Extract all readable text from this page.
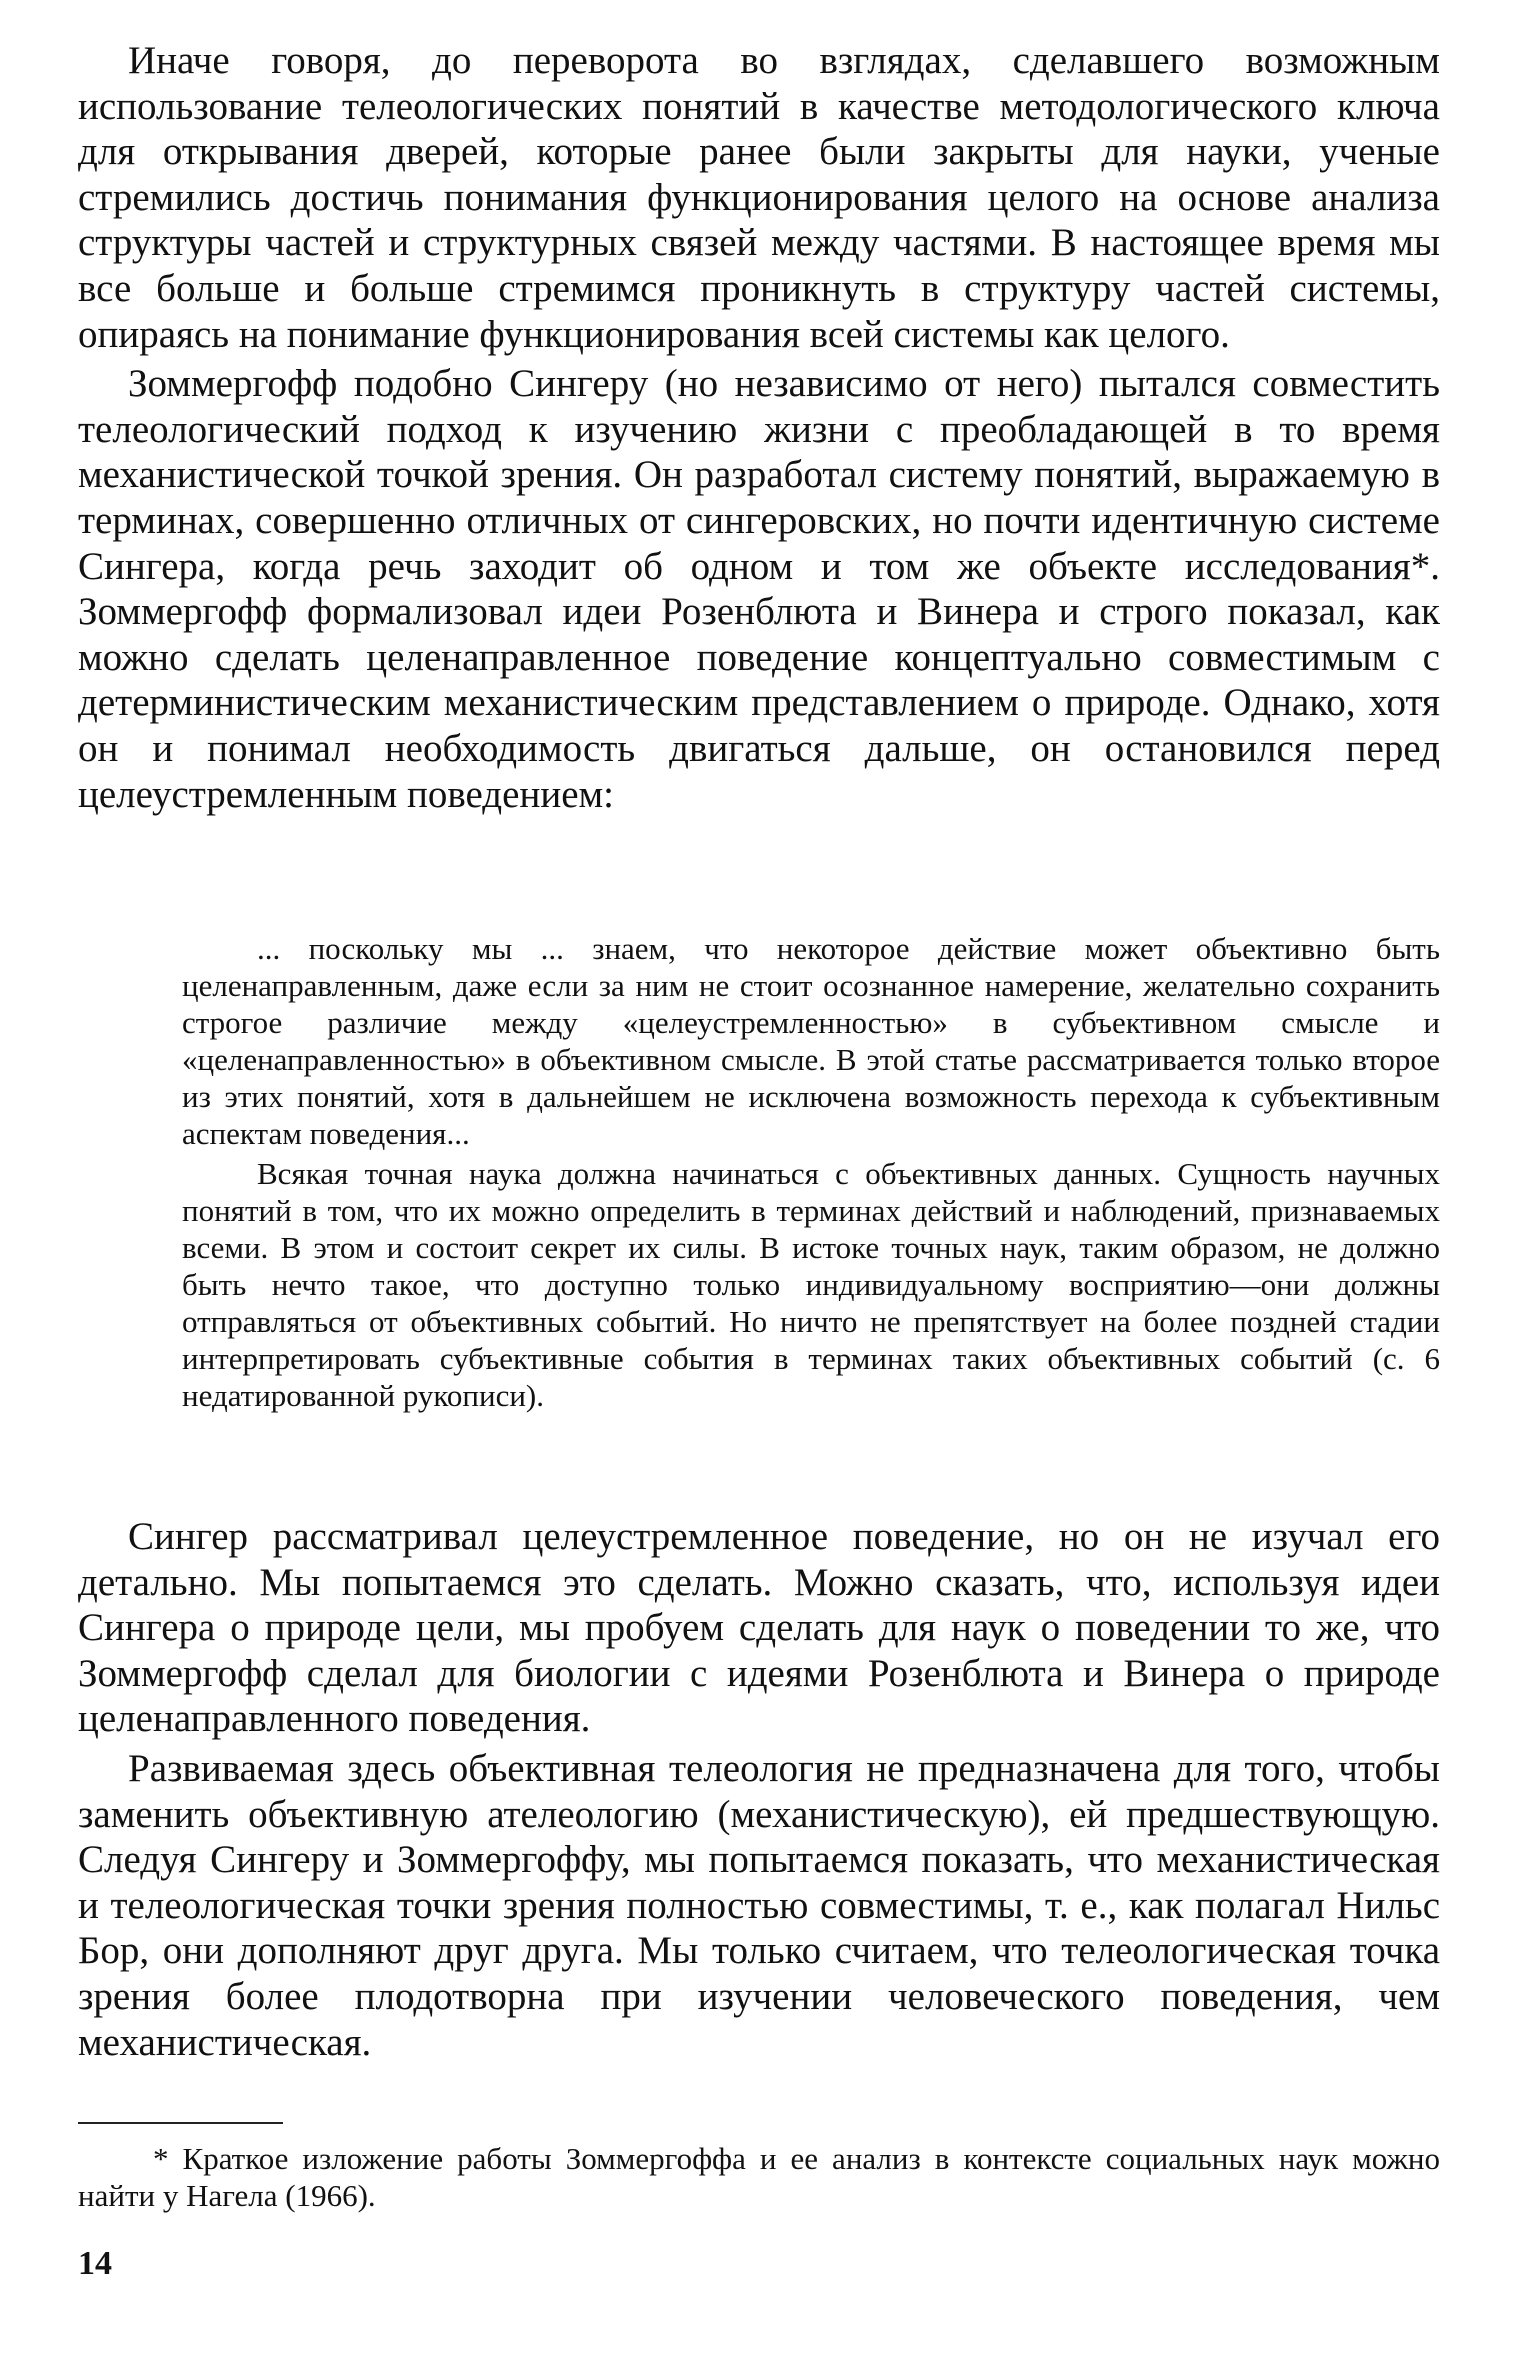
Иначе говоря, до переворота во взглядах, сделавшего возможным использование телеологических понятий в качестве методологического ключа для открывания дверей, которые ранее были закрыты для науки, ученые стремились достичь понимания функционирования целого на основе анализа структуры частей и структурных связей между частями. В настоящее время мы все больше и больше стремимся проникнуть в структуру частей системы, опираясь на понимание функционирования всей системы как целого.

Зоммергофф подобно Сингеру (но независимо от него) пытался совместить телеологический подход к изучению жизни с преобладающей в то время механистической точкой зрения. Он разработал систему понятий, выражаемую в терминах, совершенно отличных от сингеровских, но почти идентичную системе Сингера, когда речь заходит об одном и том же объекте исследования*. Зоммергофф формализовал идеи Розенблюта и Винера и строго показал, как можно сделать целенаправленное поведение концептуально совместимым с детерминистическим механистическим представлением о природе. Однако, хотя он и понимал необходимость двигаться дальше, он остановился перед целеустремленным поведением:

... поскольку мы ... знаем, что некоторое действие может объективно быть целенаправленным, даже если за ним не стоит осознанное намерение, желательно сохранить строгое различие между «целеустремленностью» в субъективном смысле и «целенаправленностью» в объективном смысле. В этой статье рассматривается только второе из этих понятий, хотя в дальнейшем не исключена возможность перехода к субъективным аспектам поведения...

Всякая точная наука должна начинаться с объективных данных. Сущность научных понятий в том, что их можно определить в терминах действий и наблюдений, признаваемых всеми. В этом и состоит секрет их силы. В истоке точных наук, таким образом, не должно быть нечто такое, что доступно только индивидуальному восприятию—они должны отправляться от объективных событий. Но ничто не препятствует на более поздней стадии интерпретировать субъективные события в терминах таких объективных событий (с. 6 недатированной рукописи).

Сингер рассматривал целеустремленное поведение, но он не изучал его детально. Мы попытаемся это сделать. Можно сказать, что, используя идеи Сингера о природе цели, мы пробуем сделать для наук о поведении то же, что Зоммергофф сделал для биологии с идеями Розенблюта и Винера о природе целенаправленного поведения.

Развиваемая здесь объективная телеология не предназначена для того, чтобы заменить объективную ателеологию (механистическую), ей предшествующую. Следуя Сингеру и Зоммергоффу, мы попытаемся показать, что механистическая и телеологическая точки зрения полностью совместимы, т. е., как полагал Нильс Бор, они дополняют друг друга. Мы только считаем, что телеологическая точка зрения более плодотворна при изучении человеческого поведения, чем механистическая.

* Краткое изложение работы Зоммергоффа и ее анализ в контексте социальных наук можно найти у Нагела (1966).

14
